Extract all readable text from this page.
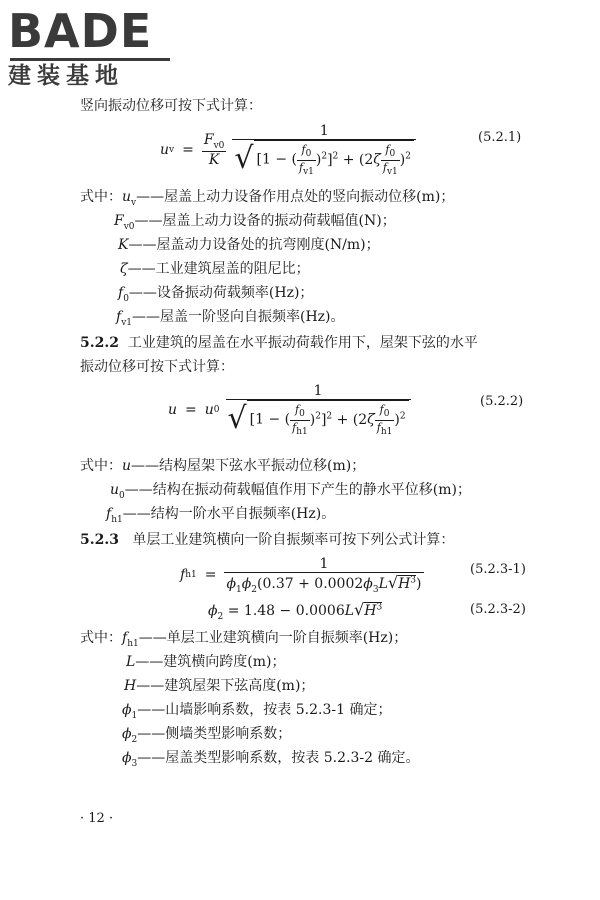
BADE
建装基地
竖向振动位移可按下式计算：
u $v = \frac{F_{v0}}{K} \frac{1}{√ [1 - ( \frac{f_0}{f_{v1}} )^2]^2 + (2\zeta \frac{f_0}{f_{v1}} )^2}$	(5.2.1)
式中：$u_v——$屋盖上动力设备作用点处的竖向振动位移(m)；
$F_{v0}——$屋盖上动力设备的振动荷载幅值(N)；
K——屋盖动力设备处的抗弯刚度(N/m)；
ζ——工业建筑屋盖的阻尼比；
$f_0——$设备振动荷载频率(Hz)；
$f_{v1}——$屋盖一阶竖向自振频率(Hz)。
5.2.2 工业建筑的屋盖在水平振动荷载作用下，屋架下弦的水平
振动位移可按下式计算：
u = u $0 \frac{1}{√ [1 - ( \frac{f_0}{f_{h1}} )^2]^2 + (2\zeta \frac{f_0}{f_{h1}} )^2}$	(5.2.2)
式中：u——结构屋架下弦水平振动位移(m)；
$u_0——$结构在振动荷载幅值作用下产生的静水平位移(m)；
$f_{h1}——$结构一阶水平自振频率(Hz)。
5.2.3 单层工业建筑横向一阶自振频率可按下列公式计算：
f $h1 = \frac{1}{\phi_1\phi_2(0.37 + 0.0002\phi_3L√H^3)}$	(5.2.3-1)
$\phi_2 = 1.48 - 0.0006L√H^3$	(5.2.3-2)
式中：$f_{h1}——$单层工业建筑横向一阶自振频率(Hz)；
L——建筑横向跨度(m)；
H——建筑屋架下弦高度(m)；
$\phi_1——$山墙影响系数，按表 5.2.3-1 确定；
$\phi_2——$侧墙类型影响系数；
$\phi_3——$屋盖类型影响系数，按表 5.2.3-2 确定。
· 12 ·
